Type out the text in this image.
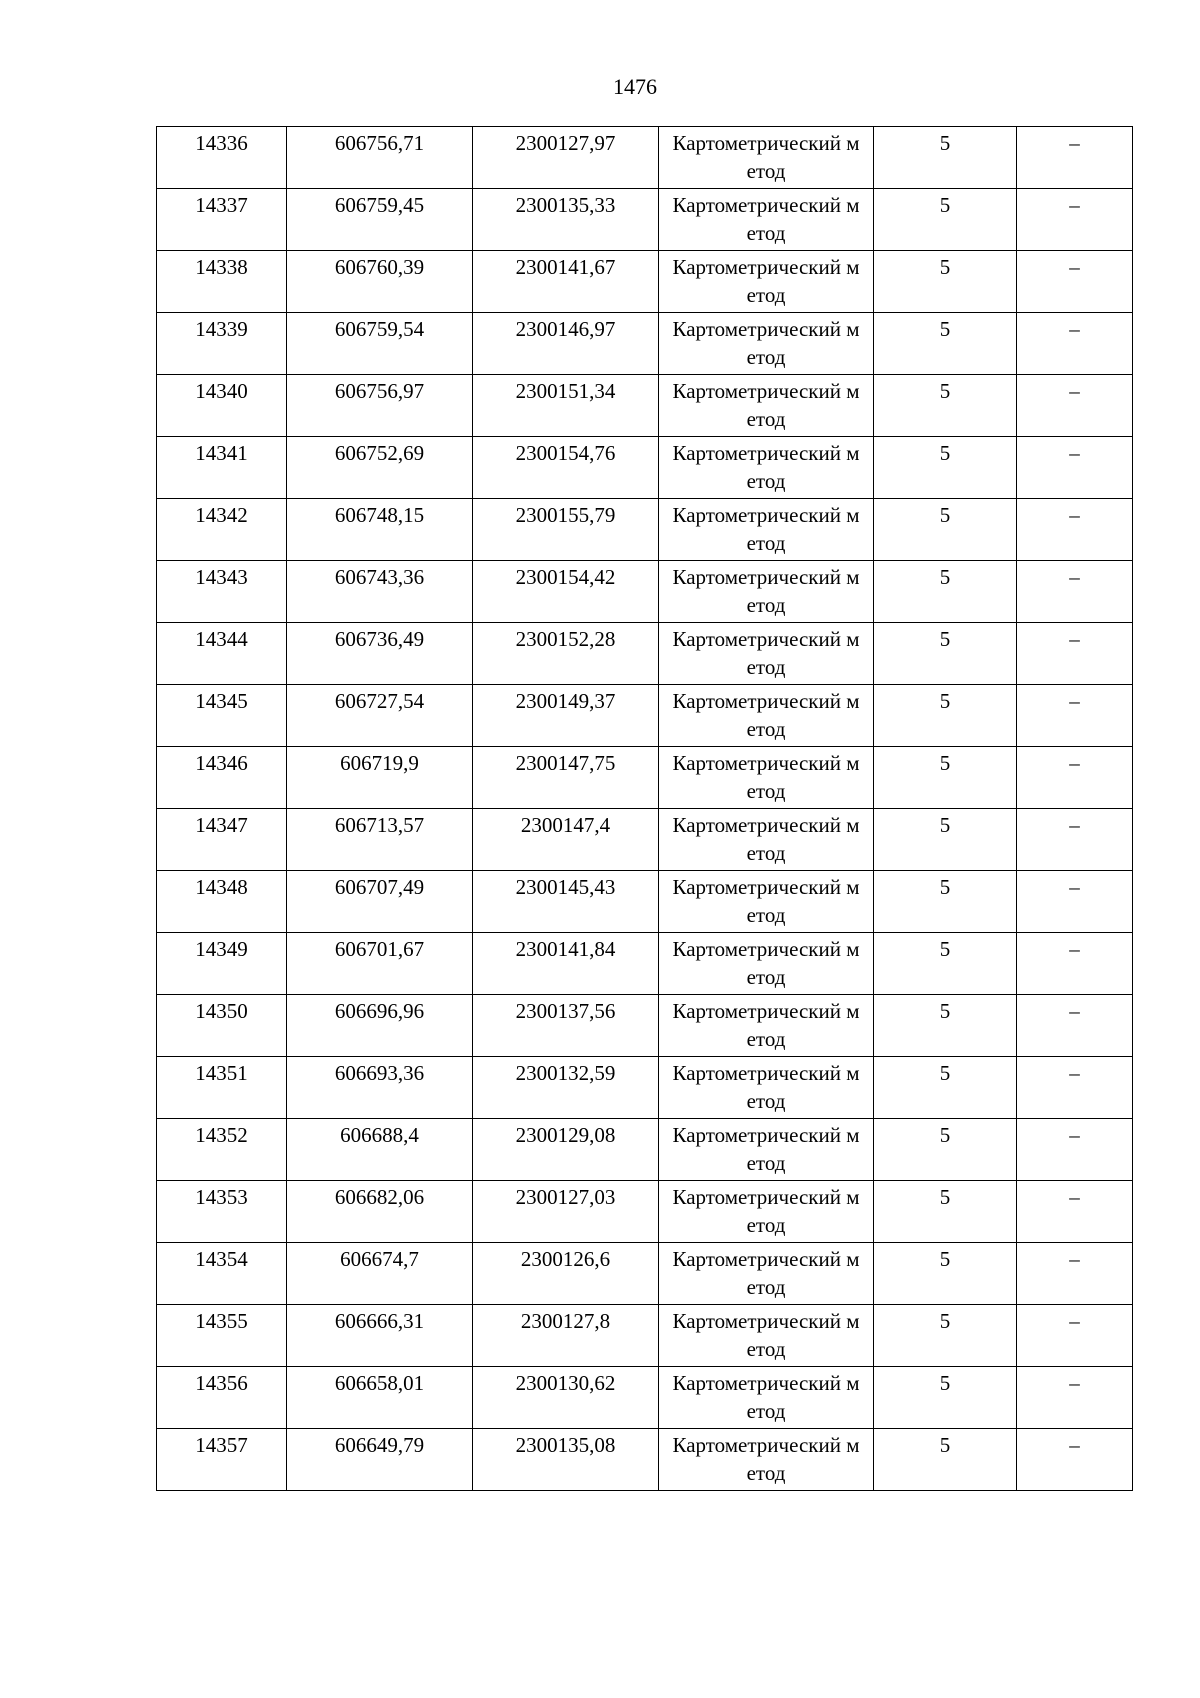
1476
14336	606756,71	2300127,97	Картометрический метод	5	–
14337	606759,45	2300135,33	Картометрический метод	5	–
14338	606760,39	2300141,67	Картометрический метод	5	–
14339	606759,54	2300146,97	Картометрический метод	5	–
14340	606756,97	2300151,34	Картометрический метод	5	–
14341	606752,69	2300154,76	Картометрический метод	5	–
14342	606748,15	2300155,79	Картометрический метод	5	–
14343	606743,36	2300154,42	Картометрический метод	5	–
14344	606736,49	2300152,28	Картометрический метод	5	–
14345	606727,54	2300149,37	Картометрический метод	5	–
14346	606719,9	2300147,75	Картометрический метод	5	–
14347	606713,57	2300147,4	Картометрический метод	5	–
14348	606707,49	2300145,43	Картометрический метод	5	–
14349	606701,67	2300141,84	Картометрический метод	5	–
14350	606696,96	2300137,56	Картометрический метод	5	–
14351	606693,36	2300132,59	Картометрический метод	5	–
14352	606688,4	2300129,08	Картометрический метод	5	–
14353	606682,06	2300127,03	Картометрический метод	5	–
14354	606674,7	2300126,6	Картометрический метод	5	–
14355	606666,31	2300127,8	Картометрический метод	5	–
14356	606658,01	2300130,62	Картометрический метод	5	–
14357	606649,79	2300135,08	Картометрический метод	5	–
